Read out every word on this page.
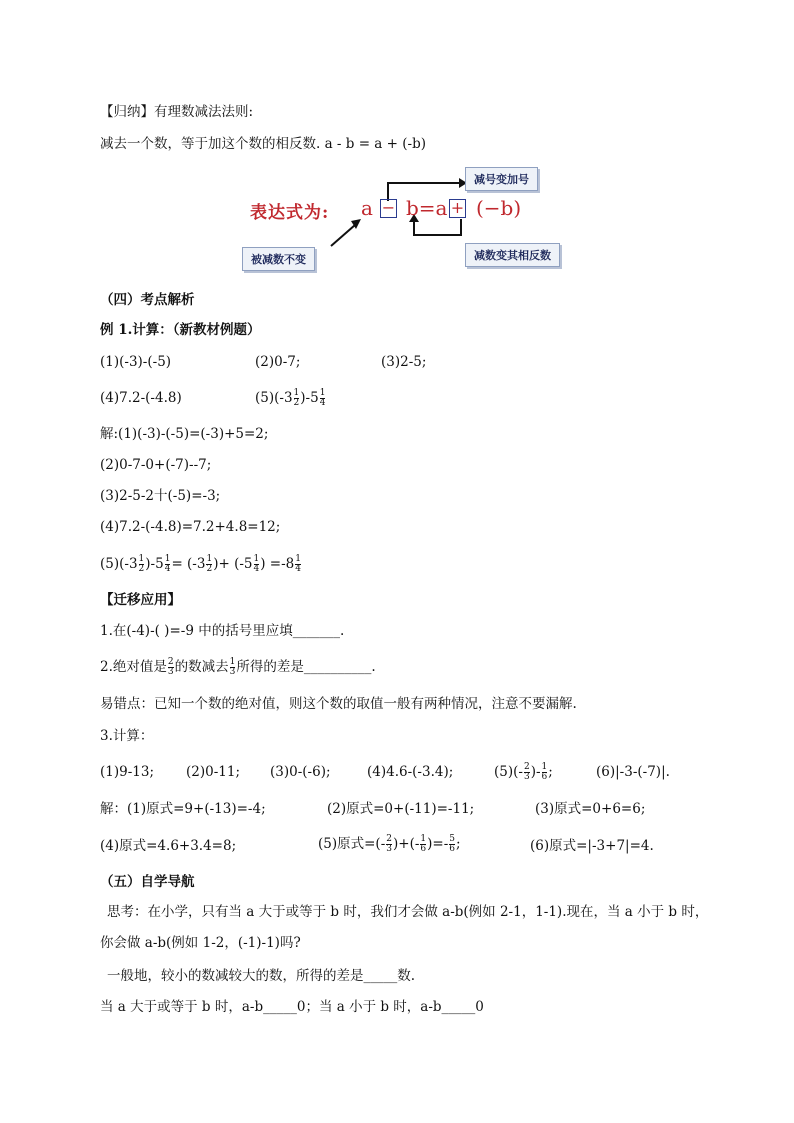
【归纳】有理数减法法则:
减去一个数，等于加这个数的相反数. a - b = a + (-b)
表达式为: a − b=a + (−b)
减号变加号
被减数不变	减数变其相反数
（四）考点解析
例 1.计算：（新教材例题）
(1)(-3)-(-5)	(2)0-7;	(3)2-5;
(4)7.2-(-4.8)	$(5)(-3 \frac{1}{2} )-5 \frac{1}{4}$
解:(1)(-3)-(-5)=(-3)+5=2;
(2)0-7-0+(-7)--7;
(3)2-5-2十(-5)=-3;
(4)7.2-(-4.8)=7.2+4.8=12;
$(5)(-3 \frac{1}{2} )-5 \frac{1}{4} = (-3 \frac{1}{2}$ )+ ($-5 \frac{1}{4}$ ) $=-8 \frac{1}{4}$
【迁移应用】
1.在(-4)-( )=-9 中的括号里应填_______.
2.绝对值是 $\frac{2}{3}$ 的数减去 $\frac{1}{3}$ 所得的差是__________.
易错点：已知一个数的绝对值，则这个数的取值一般有两种情况，注意不要漏解.
3.计算：
(1)9-13; (2)0-11; (3)0-(-6);	(4)4.6-(-3.4);	$(5)(- \frac{2}{3}$ )- $\frac{1}{6}$ ;	(6)|-3-(-7)|.
解：(1)原式=9+(-13)=-4;	(2)原式=0+(-11)=-11;	(3)原式=0+6=6;
(4)原式=4.6+3.4=8;	(5)原式=(- $\frac{2}{3}$ )+(- $\frac{1}{6}$ )=- $\frac{5}{6}$ ;	(6)原式=|-3+7|=4.
（五）自学导航
思考：在小学，只有当 a 大于或等于 b 时，我们才会做 a-b(例如 2-1，1-1).现在，当 a 小于 b 时，
你会做 a-b(例如 1-2，(-1)-1)吗?
一般地，较小的数减较大的数，所得的差是_____数.
当 a 大于或等于 b 时，a-b_____0；当 a 小于 b 时，a-b_____0
